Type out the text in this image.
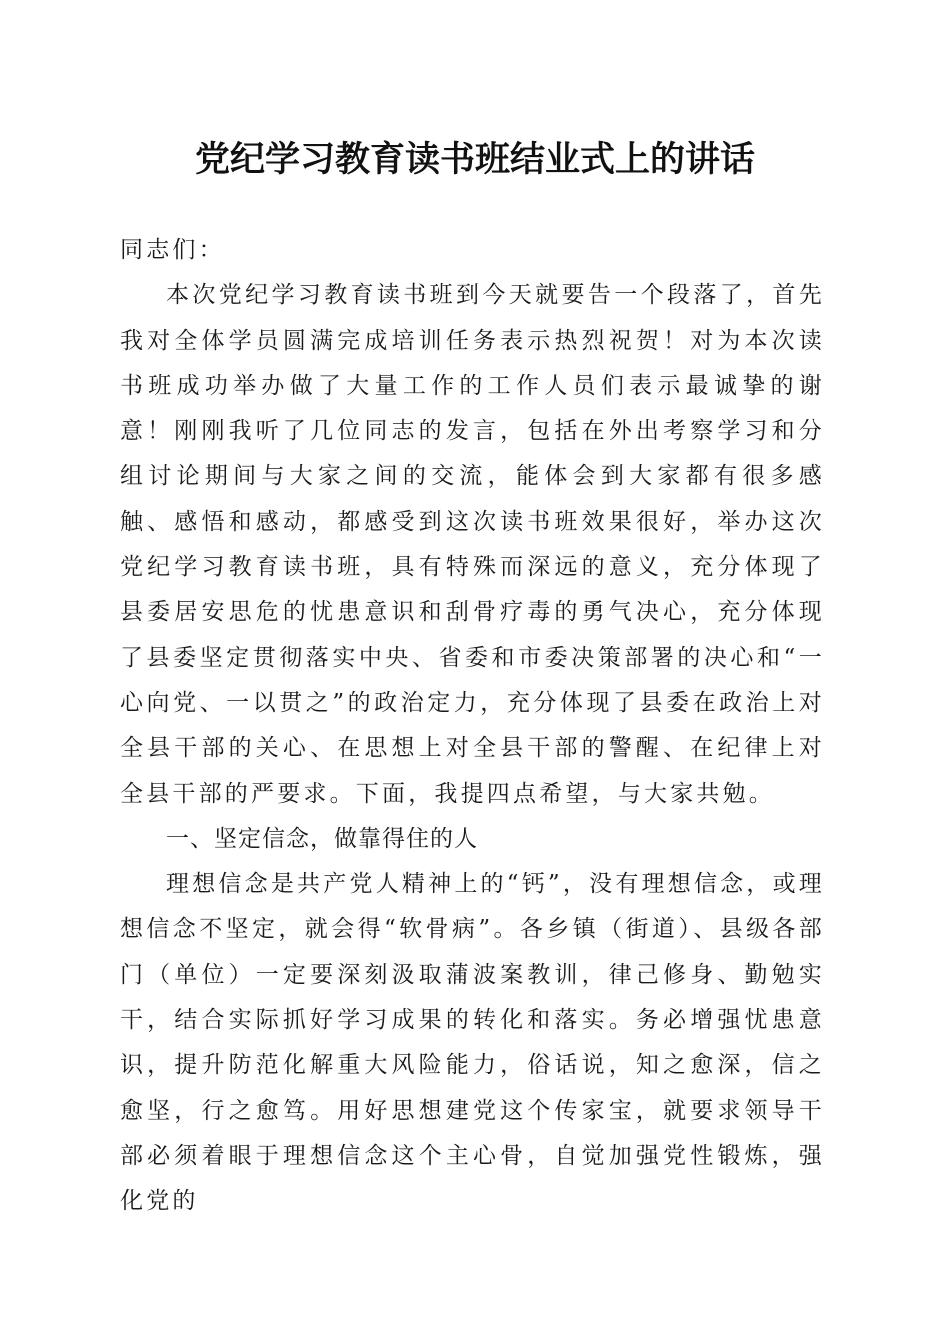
党纪学习教育读书班结业式上的讲话

同志们：

本次党纪学习教育读书班到今天就要告一个段落了，首先我对全体学员圆满完成培训任务表示热烈祝贺！对为本次读书班成功举办做了大量工作的工作人员们表示最诚挚的谢意！刚刚我听了几位同志的发言，包括在外出考察学习和分组讨论期间与大家之间的交流，能体会到大家都有很多感触、感悟和感动，都感受到这次读书班效果很好，举办这次党纪学习教育读书班，具有特殊而深远的意义，充分体现了县委居安思危的忧患意识和刮骨疗毒的勇气决心，充分体现了县委坚定贯彻落实中央、省委和市委决策部署的决心和“一心向党、一以贯之”的政治定力，充分体现了县委在政治上对全县干部的关心、在思想上对全县干部的警醒、在纪律上对全县干部的严要求。下面，我提四点希望，与大家共勉。

一、坚定信念，做靠得住的人

理想信念是共产党人精神上的“钙”，没有理想信念，或理想信念不坚定，就会得“软骨病”。各乡镇（街道）、县级各部门（单位）一定要深刻汲取蒲波案教训，律己修身、勤勉实干，结合实际抓好学习成果的转化和落实。务必增强忧患意识，提升防范化解重大风险能力，俗话说，知之愈深，信之愈坚，行之愈笃。用好思想建党这个传家宝，就要求领导干部必须着眼于理想信念这个主心骨，自觉加强党性锻炼，强化党的
